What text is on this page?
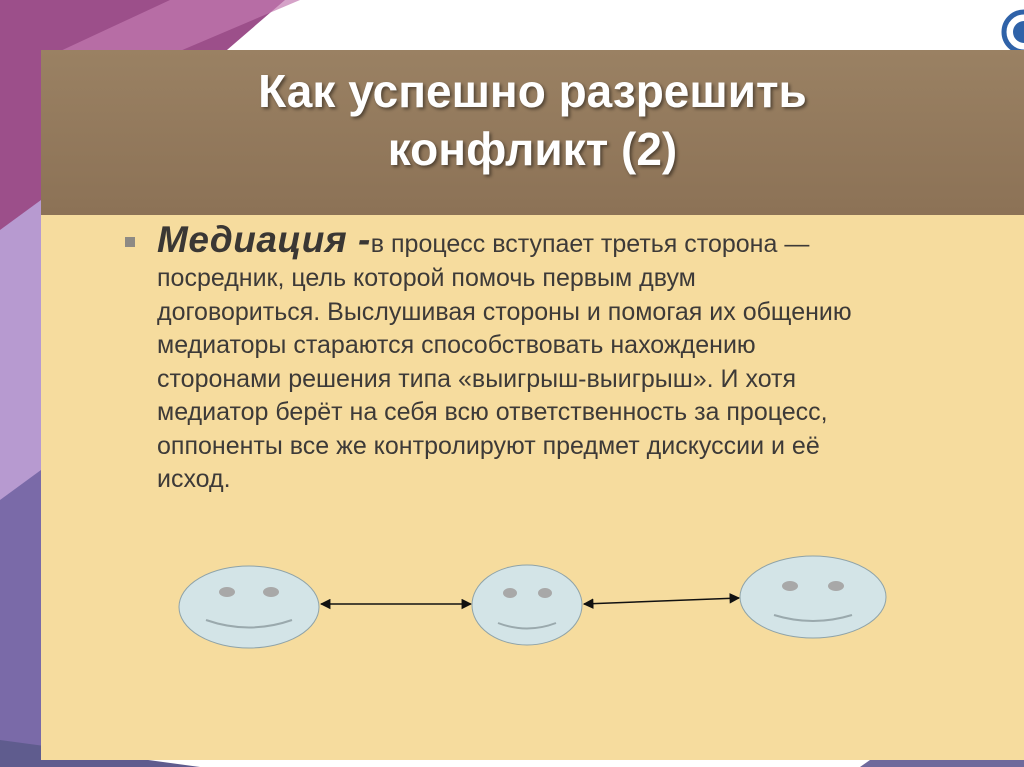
Как успешно разрешить
конфликт (2)
Медиация -в процесс вступает третья сторона —
посредник, цель которой помочь первым двум
договориться. Выслушивая стороны и помогая их общению
медиаторы стараются способствовать нахождению
сторонами решения типа «выигрыш-выигрыш». И хотя
медиатор берёт на себя всю ответственность за процесс,
оппоненты все же контролируют предмет дискуссии и её
исход.
